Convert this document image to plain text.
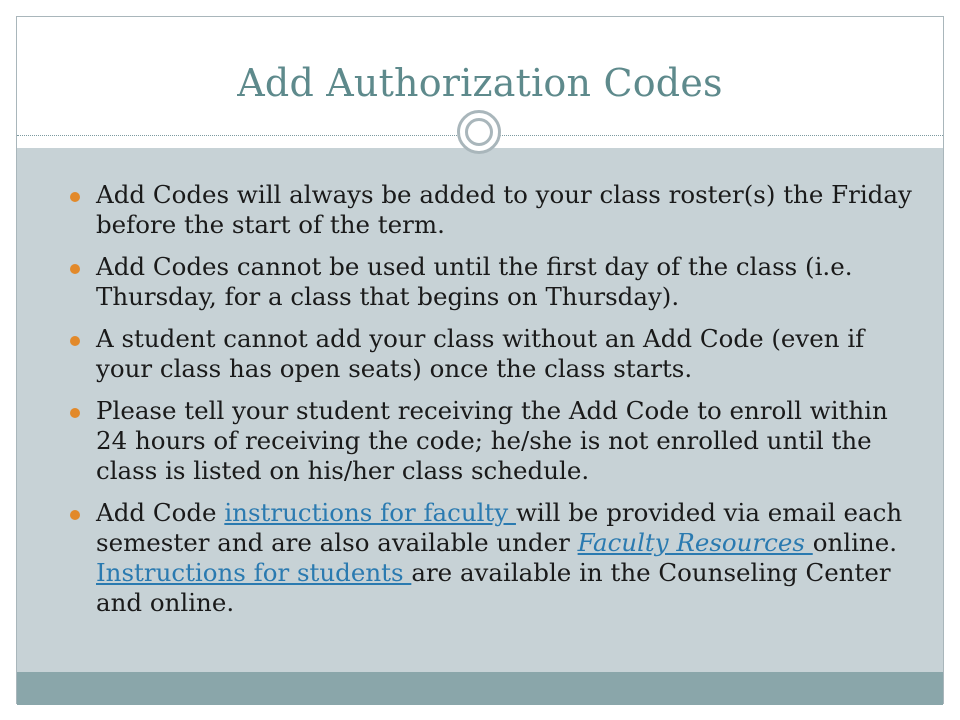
Add Authorization Codes
Add Codes will always be added to your class roster(s) the Friday before the start of the term.
Add Codes cannot be used until the first day of the class (i.e. Thursday, for a class that begins on Thursday).
A student cannot add your class without an Add Code (even if your class has open seats) once the class starts.
Please tell your student receiving the Add Code to enroll within 24 hours of receiving the code; he/she is not enrolled until the class is listed on his/her class schedule.
Add Code instructions for faculty will be provided via email each semester and are also available under Faculty Resources online. Instructions for students are available in the Counseling Center and online.
